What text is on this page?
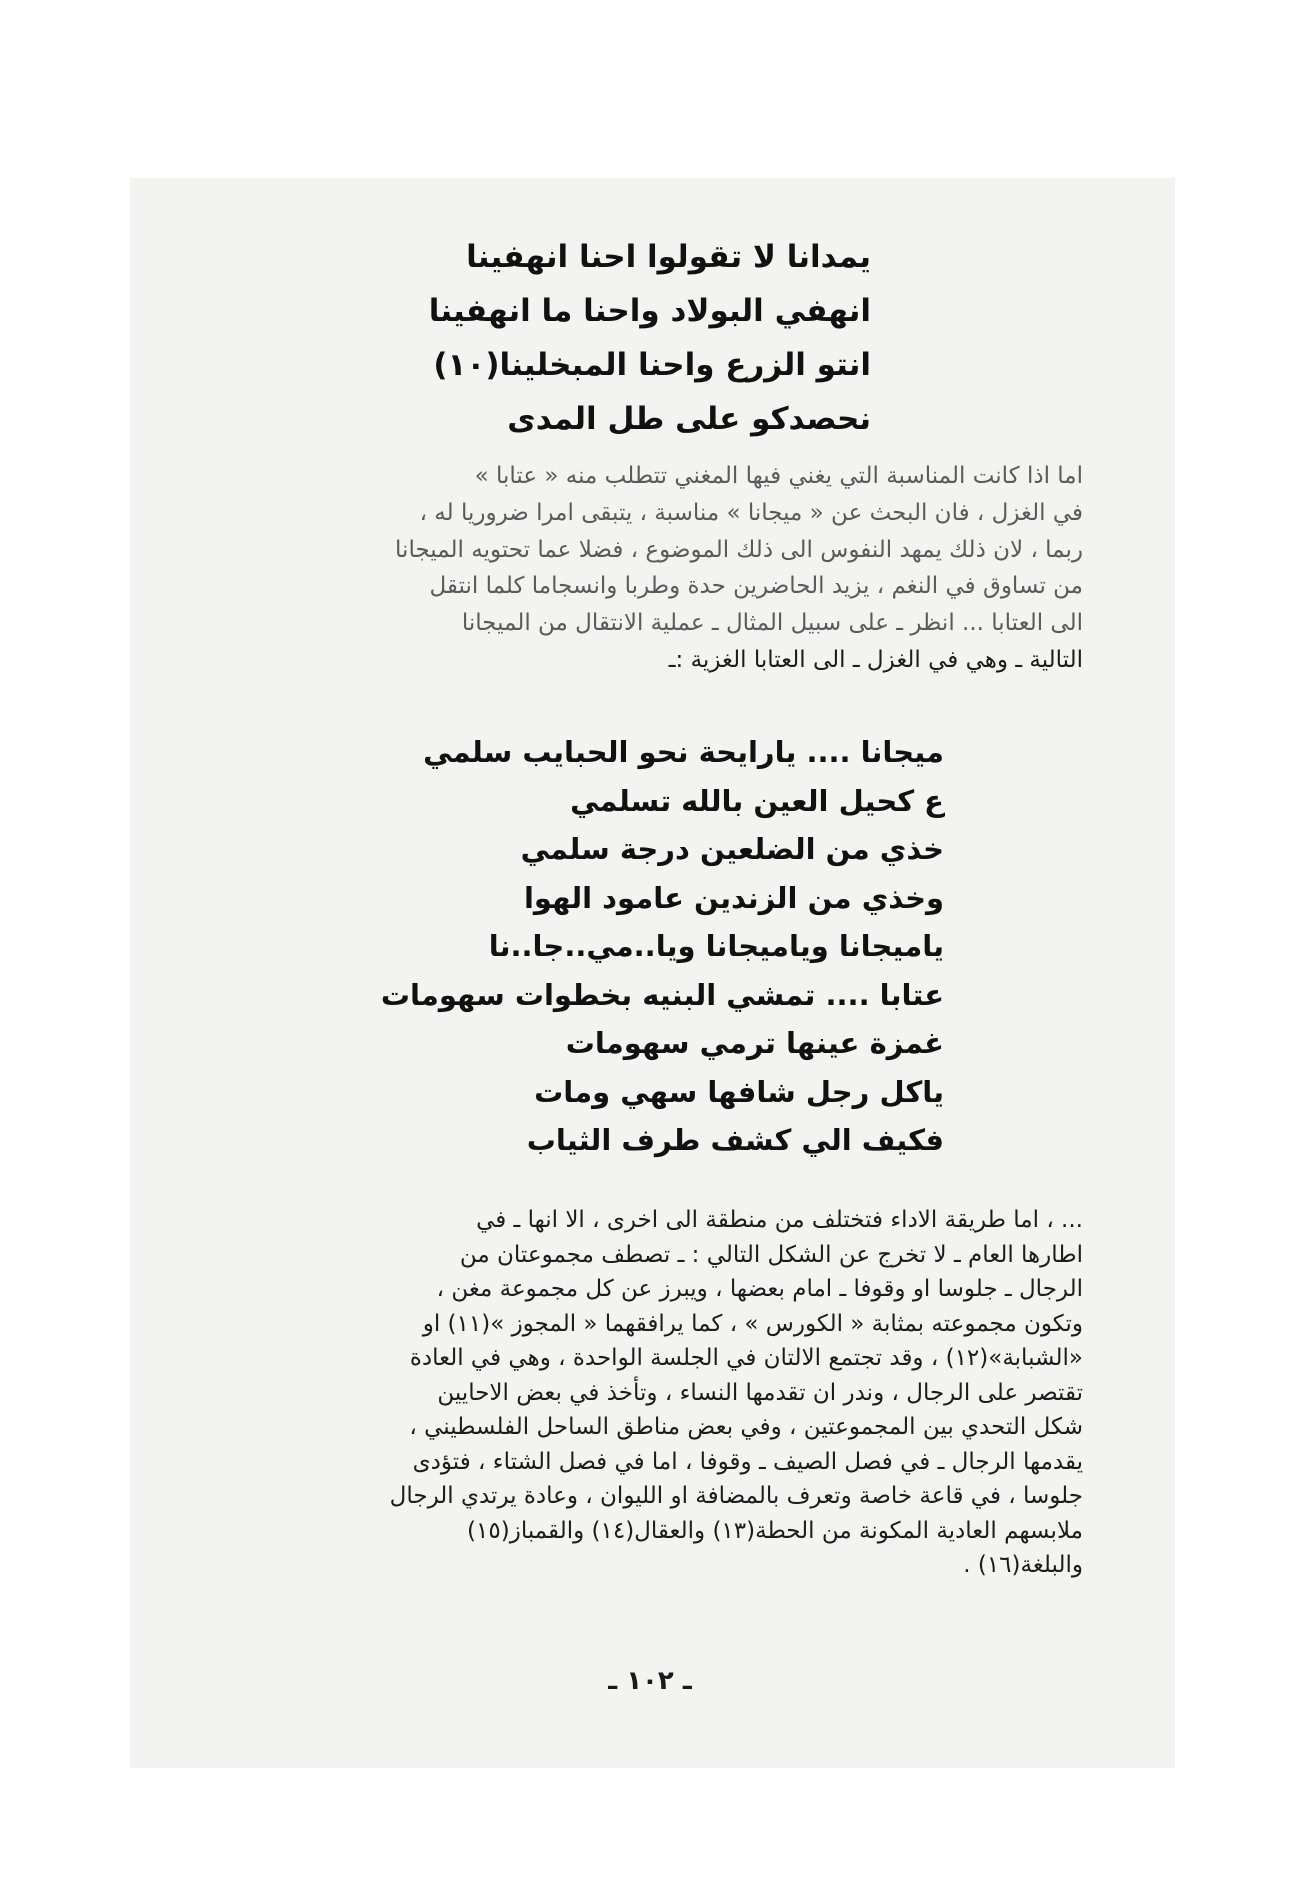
يمدانا لا تقولوا احنا انهفينا
انهفي البولاد واحنا ما انهفينا
انتو الزرع واحنا المبخلينا(١٠)
نحصدكو على طل المدى
اما اذا كانت المناسبة التي يغني فيها المغني تتطلب منه « عتابا »
في الغزل ، فان البحث عن « ميجانا » مناسبة ، يتبقى امرا ضروريا له ،
ربما ، لان ذلك يمهد النفوس الى ذلك الموضوع ، فضلا عما تحتويه الميجانا
من تساوق في النغم ، يزيد الحاضرين حدة وطربا وانسجاما كلما انتقل
الى العتابا ... انظر ـ على سبيل المثال ـ عملية الانتقال من الميجانا
التالية ـ وهي في الغزل ـ الى العتابا الغزية :ـ
ميجانا .... يارايحة نحو الحبايب سلمي
ع كحيل العين بالله تسلمي
خذي من الضلعين درجة سلمي
وخذي من الزندين عامود الهوا
ياميجانا وياميجانا ويا..مي..جا..نا
عتابا .... تمشي البنيه بخطوات سهومات
غمزة عينها ترمي سهومات
ياكل رجل شافها سهي ومات
فكيف الي كشف طرف الثياب
... ، اما طريقة الاداء فتختلف من منطقة الى اخرى ، الا انها ـ في
اطارها العام ـ لا تخرج عن الشكل التالي : ـ تصطف مجموعتان من
الرجال ـ جلوسا او وقوفا ـ امام بعضها ، ويبرز عن كل مجموعة مغن ،
وتكون مجموعته بمثابة « الكورس » ، كما يرافقهما « المجوز »(١١) او
«الشبابة»(١٢) ، وقد تجتمع الالتان في الجلسة الواحدة ، وهي في العادة
تقتصر على الرجال ، وندر ان تقدمها النساء ، وتأخذ في بعض الاحايين
شكل التحدي بين المجموعتين ، وفي بعض مناطق الساحل الفلسطيني ،
يقدمها الرجال ـ في فصل الصيف ـ وقوفا ، اما في فصل الشتاء ، فتؤدى
جلوسا ، في قاعة خاصة وتعرف بالمضافة او الليوان ، وعادة يرتدي الرجال
ملابسهم العادية المكونة من الحطة(١٣) والعقال(١٤) والقمباز(١٥)
والبلغة(١٦) .
ـ ١٠٢ ـ
